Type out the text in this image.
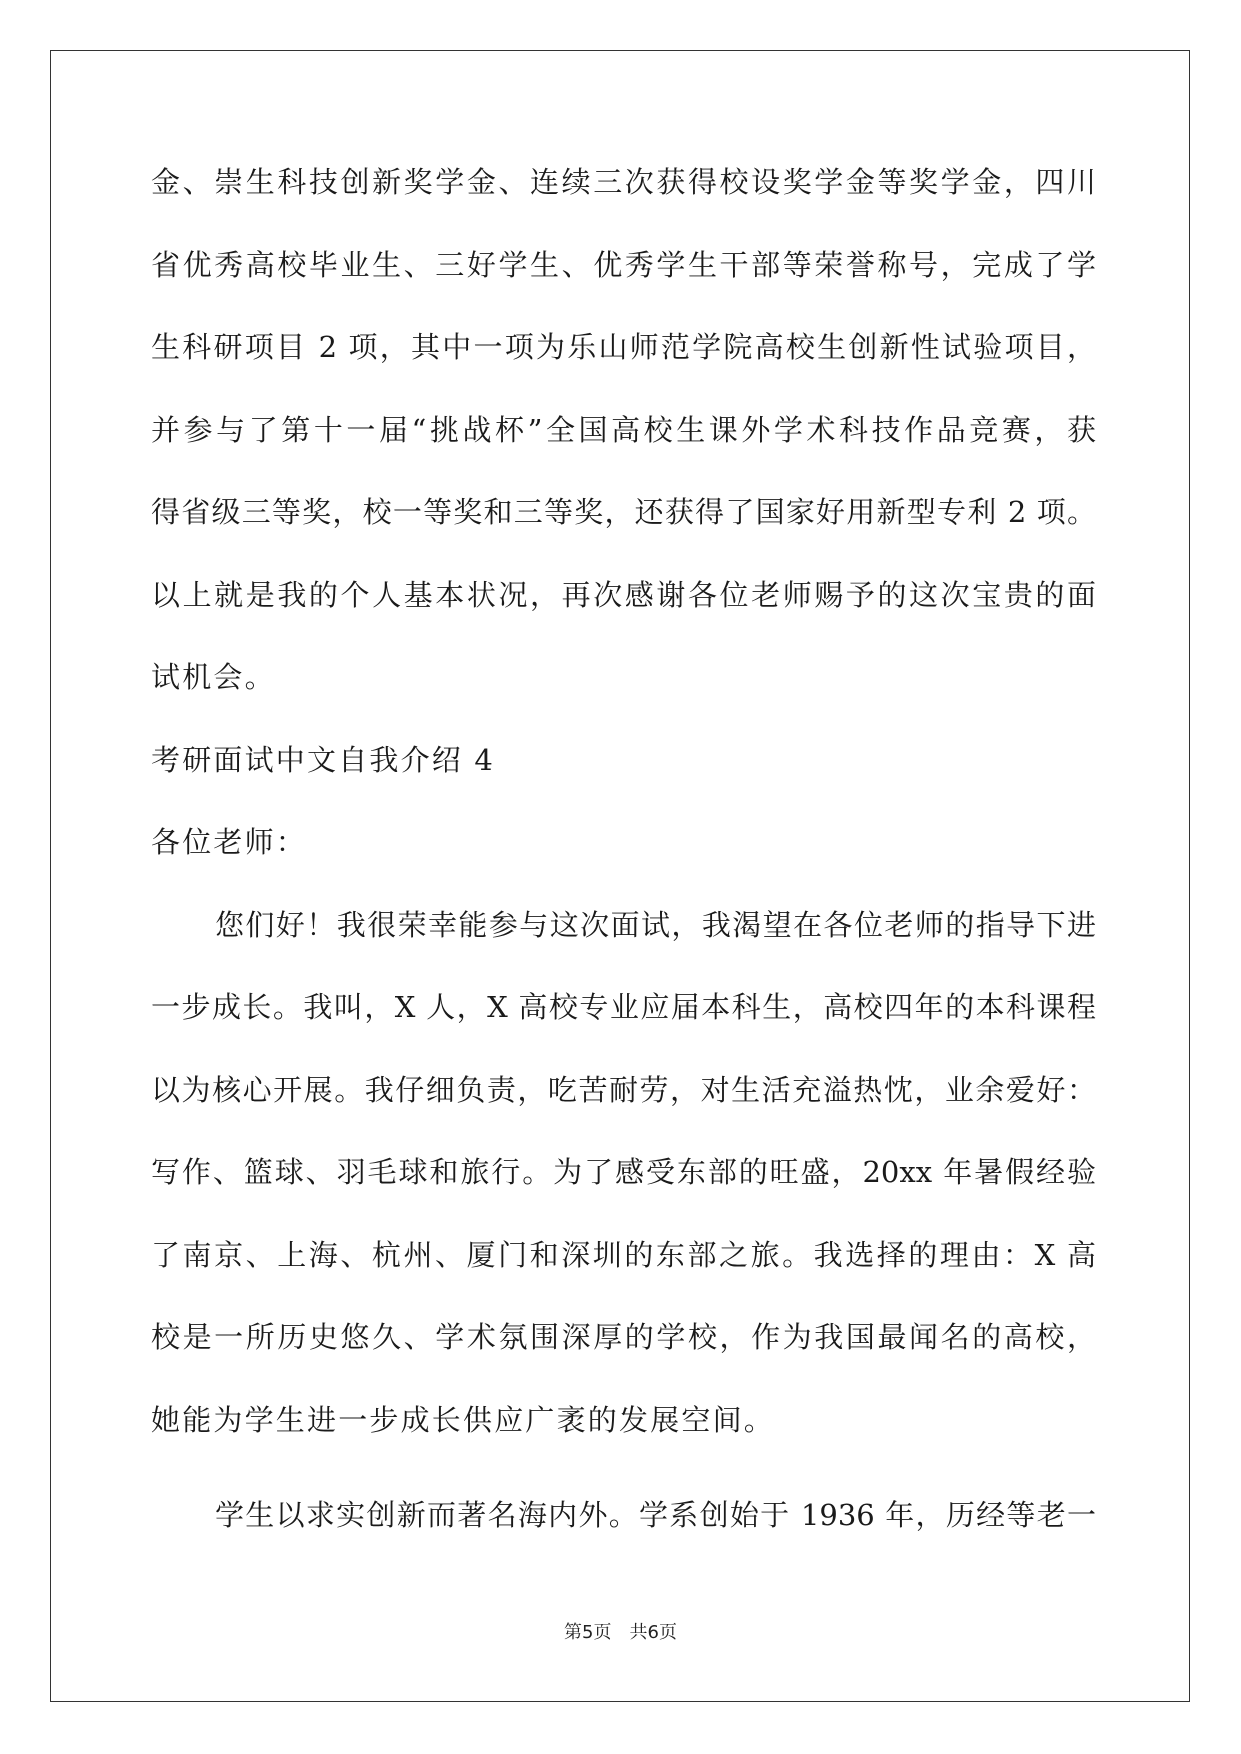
金、崇生科技创新奖学金、连续三次获得校设奖学金等奖学金，四川
省优秀高校毕业生、三好学生、优秀学生干部等荣誉称号，完成了学
生科研项目 2 项，其中一项为乐山师范学院高校生创新性试验项目，
并参与了第十一届“挑战杯”全国高校生课外学术科技作品竞赛，获
得省级三等奖，校一等奖和三等奖，还获得了国家好用新型专利 2 项。
以上就是我的个人基本状况，再次感谢各位老师赐予的这次宝贵的面
试机会。
考研面试中文自我介绍 4
各位老师：
您们好！我很荣幸能参与这次面试，我渴望在各位老师的指导下进
一步成长。我叫，X 人，X 高校专业应届本科生，高校四年的本科课程
以为核心开展。我仔细负责，吃苦耐劳，对生活充溢热忱，业余爱好：
写作、篮球、羽毛球和旅行。为了感受东部的旺盛，20xx 年暑假经验
了南京、上海、杭州、厦门和深圳的东部之旅。我选择的理由：X 高
校是一所历史悠久、学术氛围深厚的学校，作为我国最闻名的高校，
她能为学生进一步成长供应广袤的发展空间。
学生以求实创新而著名海内外。学系创始于 1936 年，历经等老一
第5页　共6页
